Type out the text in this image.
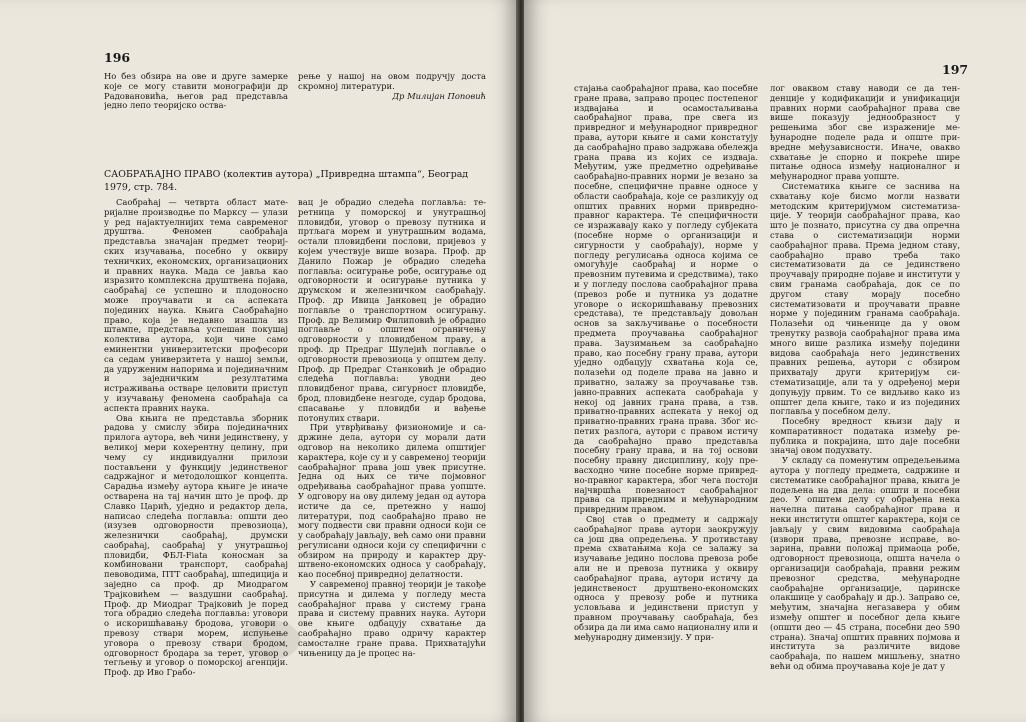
196

Но без обзира на ове и друге замерке које се могу ставити монографији др Радовановића, његов рад представља једно лепо теоријско оства-

рење у нашој на овом подручју доста скромној литератури.

Др Милијан Поповић

САОБРАЋАЈНО ПРАВО (колектив аутора) „Привредна штампа“, Београд 1979, стр. 784.

Саобраћај — четврта област материјалне производње по Марксу — улази у ред најактуелнијих тема савременог друштва. Феномен саобраћаја представља значајан предмет теоријских изучавања, посебно у оквиру техничких, економских, организационих и правних наука. Мада се јавља као изразито комплексна друштвена појава, саобраћај се успешно и плодоносно може проучавати и са аспеката појединих наука. Књига Саобраћајно право, која је недавно изашла из штампе, представља успешан покушај колектива аутора, који чине само еминентни универзитетски професори са седам универзитета у нашој земљи, да удруженим напорима и појединачним и заједничким резултатима истраживања остваре целовити приступ у изучавању феномена саобраћаја са аспекта правних наука.

Ова књига не представља зборник радова у смислу збира појединачних прилога аутора, већ чини јединствену, у великој мери кохерентну целину, при чему су индивидуални прилози постављени у функцију јединственог садржајног и методолошког концепта. Сарадња између аутора књиге је иначе остварена на тај начин што је проф. др Славко Царић, уједно и редактор дела, написао следећа поглавља: општи део (изузев одговорности превозиоца), железнички саобраћај, друмски саобраћај, саобраћај у унутрашњој пловидби, ФБЛ-Fiata коносман за комбиновани транспорт, саобраћај певоводима, ПТТ саобраћај, шпедиција и заједно са проф. др Миодрагом Трајковићем — ваздушни саобраћај. Проф. др Миодраг Трајковић је поред тога обрадио следећа поглавља: уговори о искоришћавању бродова, уговори о превозу ствари морем, испуњење уговора о превозу ствари бродом, одговорност бродара за терет, уговор о тегљењу и уговор о поморској агенцији. Проф. др Иво Грабо-

вац је обрадио следећа поглавља: теретница у поморској и унутрашњој пловидби, уговор о превозу путника и пртљага морем и унутрашњим водама, остали пловидбени послови, пријевоз у којем учествује више возара. Проф. др Данило Пожар је обрадио следећа поглавља: осигурање робе, осигурање од одговорности и осигурање путника у друмском и железничком саобраћају. Проф. др Ивица Јанковец је обрадио поглавље о транспортном осигурању. Проф. др Велимир Филиповић је обрадио поглавље о општем ограничењу одговорности у пловидбеном праву, а проф. др Предраг Шулејић поглавље о одговорности превозиоца у општем делу. Проф. др Предраг Станковић је обрадио следећа поглавља: уводни део пловидбеног права, сигурност пловидбе, брод, пловидбене незгоде, судар бродова, спасавање у пловидби и вађење потонулих ствари.

При утврђивању физиономије и садржине дела, аутори су морали дати одговор на неколико дилема општијег карактера, које су и у савременој теорији саобраћајног права још увек присутне. Једна од њих се тиче појмовног одређивања саобраћајног права уопште. У одговору на ову дилему један од аутора истиче да се, претежно у нашој литератури, под саобраћајно право не могу подвести сви правни односи који се у саобраћају јављају, већ само они правни регулисани односи који су специфични с обзиром на природу и карактер друштвено-економских односа у саобраћају, као посебној привредној делатности.

У савременој правној теорији је такође присутна и дилема у погледу места саобраћајног права у систему грана права и систему правних наука. Аутори ове књиге одбацују схватање да саобраћајно право одричу карактер самосталне гране права. Прихватајући чињеницу да је процес на-

197

стајања саобраћајног права, као посебне гране права, заправо процес постепеног издвајања и осамостаљивања саобраћајног права, пре свега из привредног и међународног привредног права, аутори књиге и сами констатују да саобраћајно право задржава обележја грана права из којих се издваја. Међутим, уже предметно одређивање саобраћајно-правних норми је везано за посебне, специфичне правне односе у области саобраћаја, које се разликују од општих правних норми привредно-правног карактера. Те специфичности се изражавају како у погледу субјеката (посебне норме о организацији и сигурности у саобраћају), норме у погледу регулисања односа којима се омогућује саобраћај и норме о превозним путевима и средствима), тако и у погледу послова саобраћајног права (превоз робе и путника уз додатне уговоре о искоришћавању превозних средстава), те представљају довољан основ за закључивање о посебности предмета проучавања саобраћајног права. Заузимањем за саобраћајно право, као посебну грану права, аутори уједно одбацују схватања која се, полазећи од поделе права на јавно и приватно, залажу за проучавање тзв. јавно-правних аспеката саобраћаја у некој од јавних грана права, а тзв. приватно-правних аспеката у некој од приватно-правних грана права. Због испетих разлога, аутори с правом истичу да саобраћајно право представља посебну грану права, и на тој основи посебну правну дисциплину, коју превасходно чине посебне норме привредно-правног карактера, због чега постоји најчвршћа повезаност саобраћајног права са привредним и међународним привредним правом.

Свој став о предмету и садржају саобраћајног права аутори заокружују са још два опредељења. У противставу према схватањима која се залажу за изучавање једино послова превоза робе али не и превоза путника у оквиру саобраћајног права, аутори истичу да јединственост друштвено-економских односа у превозу робе и путника условљава и јединствени приступ у правном проучавању саобраћаја, без обзира да ли има само националну или и међународну димензију. У при-

лог оваквом ставу наводи се да тенденције у кодификацији и унификацији правних норми саобраћајног права све више показују једнообразност у решењима због све израженије међународне поделе рада и опште привредне међузависности. Иначе, овакво схватање је спорно и покреће шире питање односа између националног и међународног права уопште.

Систематика књиге се заснива на схватању које бисмо могли назвати методским критеријумом систематизације. У теорији саобраћајног права, као што је познато, присутна су два опречна става о систематизацији норми саобраћајног права. Према једном ставу, саобраћајно право треба тако систематизовати да се јединствено проучавају природне појаве и институти у свим гранама саобраћаја, док се по другом ставу морају посебно систематизовати и проучавати правне норме у појединим гранама саобраћаја. Полазећи од чињенице да у овом тренутку развоја саобраћајног права има много више разлика између поједини видова саобраћаја него јединствених правних решења, аутори с обзиром прихватају други критеријум систематизације, али та у одређеној мери допуњују првим. То се видљиво како из општег дела књиге, тако и из појединих поглавља у посебном делу.

Посебну вредност књизи дају и компаративност података између република и покрајина, што даје посебни значај овом подухвату.

У складу са поменутим опредељењима аутора у погледу предмета, садржине и систематике саобраћајног права, књига је подељена на два дела: општи и посебни део. У општем делу су обрађена нека начелна питања саобраћајног права и неки институти општег карактера, који се јављају у свим видовима саобраћаја (извори права, превозне исправе, возарина, правни положај примаоца робе, одговорност превозиоца, општа начела о организацији саобраћаја, правни режим превозног средства, међународне саобраћајне организације, царинске олакшице у саобраћају и др.). Заправо се, међутим, значајна негазавера у обим између општег и посебног дела књиге (општи део — 45 страна, посебни део 590 страна). Значај општих правних појмова и института за различите видове саобраћаја, по нашем мишљењу, знатно већи од обима проучавања које је дат у
